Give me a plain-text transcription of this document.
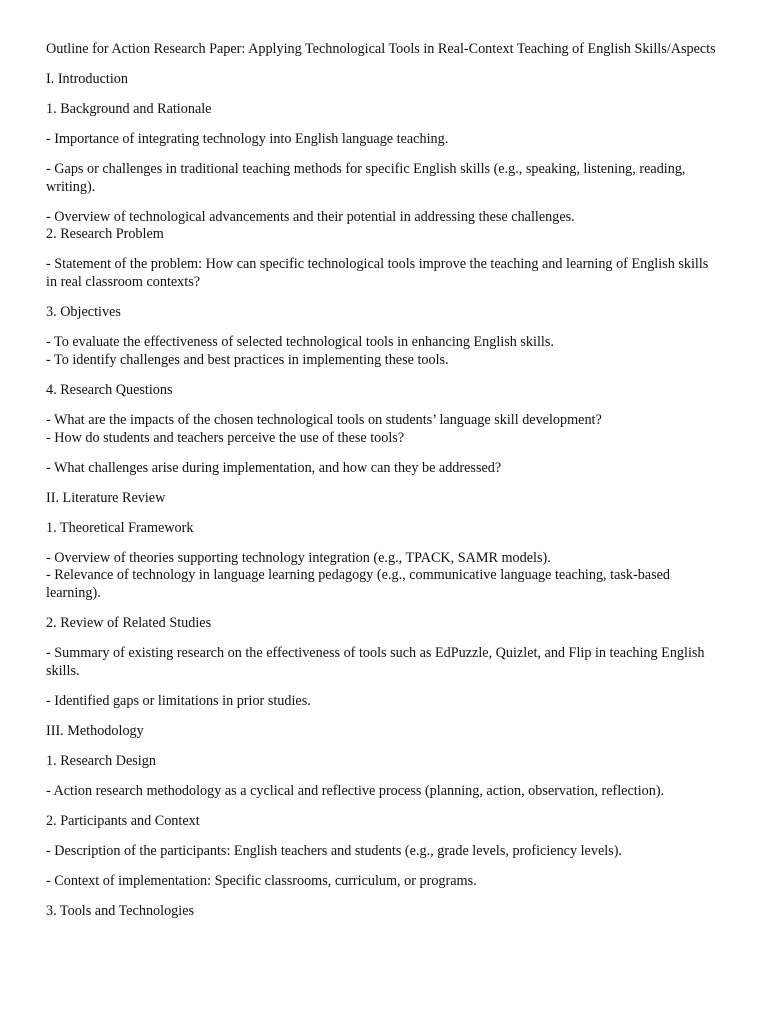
Outline for Action Research Paper: Applying Technological Tools in Real-Context Teaching of English Skills/Aspects

I. Introduction

1. Background and Rationale

- Importance of integrating technology into English language teaching.

- Gaps or challenges in traditional teaching methods for specific English skills (e.g., speaking, listening, reading, writing).

- Overview of technological advancements and their potential in addressing these challenges.

2. Research Problem

- Statement of the problem: How can specific technological tools improve the teaching and learning of English skills in real classroom contexts?

3. Objectives

- To evaluate the effectiveness of selected technological tools in enhancing English skills.

- To identify challenges and best practices in implementing these tools.

4. Research Questions

- What are the impacts of the chosen technological tools on students’ language skill development?

- How do students and teachers perceive the use of these tools?

- What challenges arise during implementation, and how can they be addressed?

II. Literature Review

1. Theoretical Framework

- Overview of theories supporting technology integration (e.g., TPACK, SAMR models).

- Relevance of technology in language learning pedagogy (e.g., communicative language teaching, task-based learning).

2. Review of Related Studies

- Summary of existing research on the effectiveness of tools such as EdPuzzle, Quizlet, and Flip in teaching English skills.

- Identified gaps or limitations in prior studies.

III. Methodology

1. Research Design

- Action research methodology as a cyclical and reflective process (planning, action, observation, reflection).

2. Participants and Context

- Description of the participants: English teachers and students (e.g., grade levels, proficiency levels).

- Context of implementation: Specific classrooms, curriculum, or programs.

3. Tools and Technologies
